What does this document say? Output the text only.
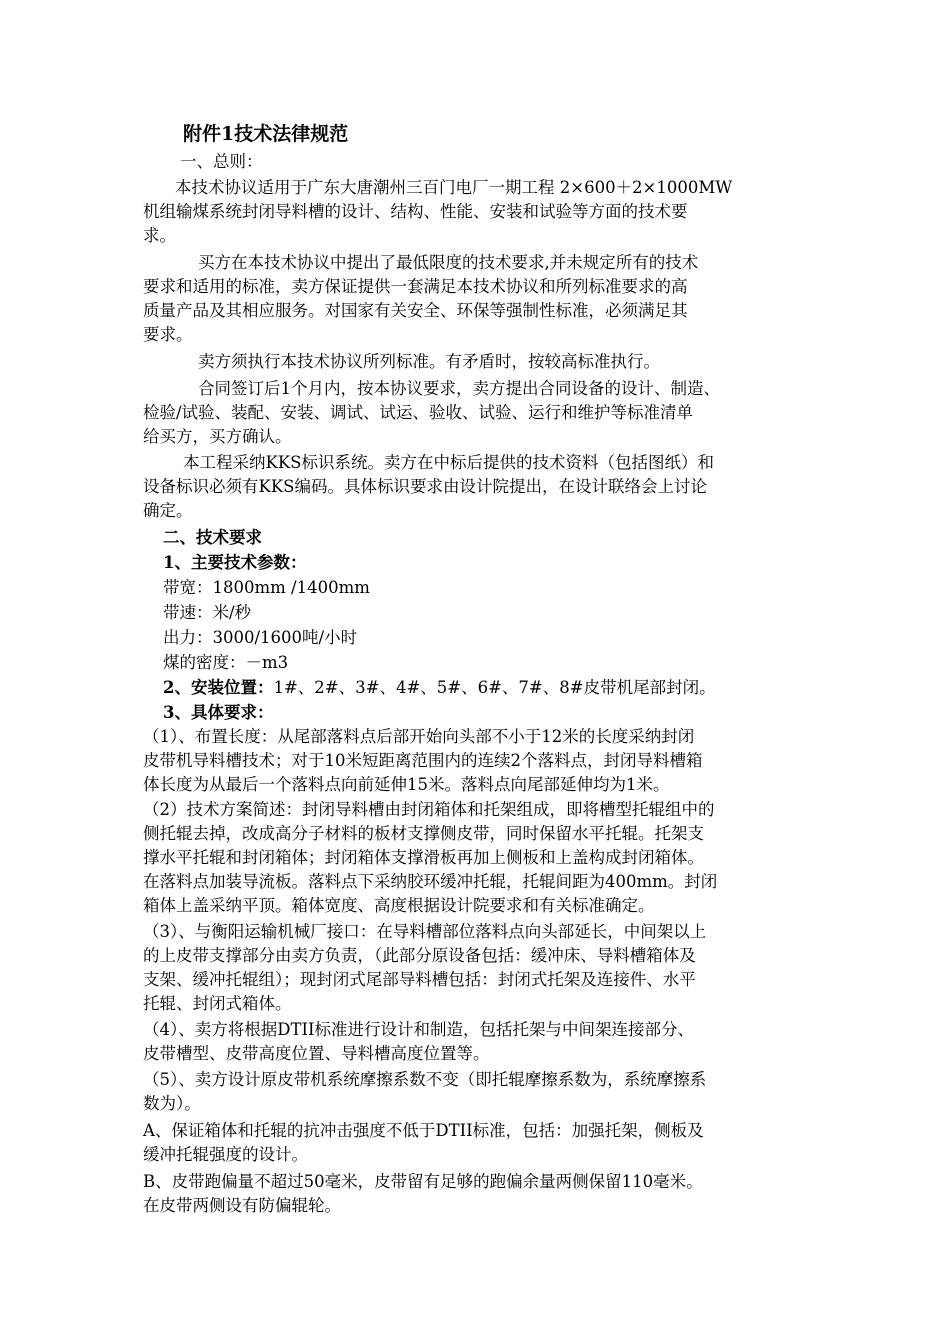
附件1技术法律规范
一、总则：
本技术协议适用于广东大唐潮州三百门电厂一期工程 2×600＋2×1000MW
机组输煤系统封闭导料槽的设计、结构、性能、安装和试验等方面的技术要
求。
买方在本技术协议中提出了最低限度的技术要求,并未规定所有的技术
要求和适用的标准，卖方保证提供一套满足本技术协议和所列标准要求的高
质量产品及其相应服务。对国家有关安全、环保等强制性标准，必须满足其
要求。
卖方须执行本技术协议所列标准。有矛盾时，按较高标准执行。
合同签订后1个月内，按本协议要求，卖方提出合同设备的设计、制造、
检验/试验、装配、安装、调试、试运、验收、试验、运行和维护等标准清单
给买方，买方确认。
本工程采纳KKS标识系统。卖方在中标后提供的技术资料（包括图纸）和
设备标识必须有KKS编码。具体标识要求由设计院提出，在设计联络会上讨论
确定。
二、技术要求
1、主要技术参数：
带宽：1800mm /1400mm
带速：米/秒
出力：3000/1600吨/小时
煤的密度：－m3
2、安装位置：1#、2#、3#、4#、5#、6#、7#、8#皮带机尾部封闭。
3、具体要求：
（1）、布置长度：从尾部落料点后部开始向头部不小于12米的长度采纳封闭
皮带机导料槽技术；对于10米短距离范围内的连续2个落料点，封闭导料槽箱
体长度为从最后一个落料点向前延伸15米。落料点向尾部延伸均为1米。
（2）技术方案简述：封闭导料槽由封闭箱体和托架组成，即将槽型托辊组中的
侧托辊去掉，改成高分子材料的板材支撑侧皮带，同时保留水平托辊。托架支
撑水平托辊和封闭箱体；封闭箱体支撑滑板再加上侧板和上盖构成封闭箱体。
在落料点加装导流板。落料点下采纳胶环缓冲托辊，托辊间距为400mm。封闭
箱体上盖采纳平顶。箱体宽度、高度根据设计院要求和有关标准确定。
（3）、与衡阳运输机械厂接口：在导料槽部位落料点向头部延长，中间架以上
的上皮带支撑部分由卖方负责，（此部分原设备包括：缓冲床、导料槽箱体及
支架、缓冲托辊组）；现封闭式尾部导料槽包括：封闭式托架及连接件、水平
托辊、封闭式箱体。
（4）、卖方将根据DTII标准进行设计和制造，包括托架与中间架连接部分、
皮带槽型、皮带高度位置、导料槽高度位置等。
（5）、卖方设计原皮带机系统摩擦系数不变（即托辊摩擦系数为，系统摩擦系
数为）。
A、保证箱体和托辊的抗冲击强度不低于DTII标准，包括：加强托架，侧板及
缓冲托辊强度的设计。
B、皮带跑偏量不超过50毫米，皮带留有足够的跑偏余量两侧保留110毫米。
在皮带两侧设有防偏辊轮。
